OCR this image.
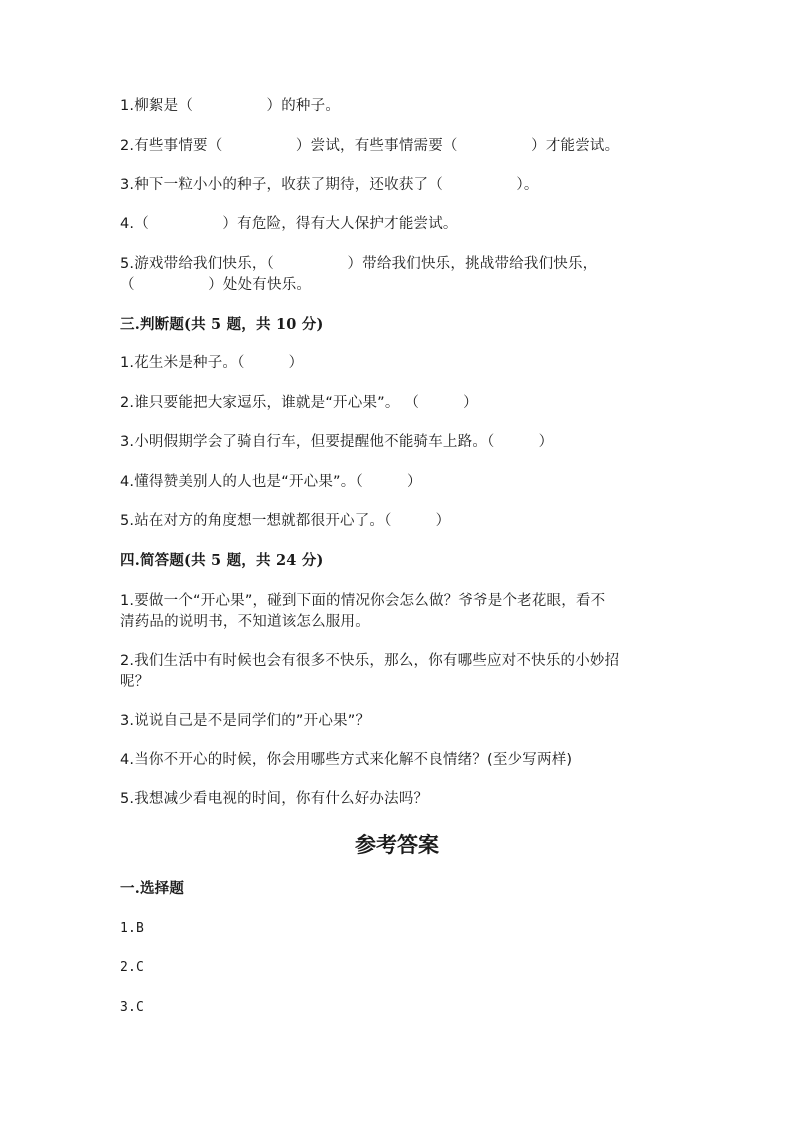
1.柳絮是（　　　　　）的种子。
2.有些事情要（　　　　　）尝试，有些事情需要（　　　　　）才能尝试。
3.种下一粒小小的种子，收获了期待，还收获了（　　　　　）。
4.（　　　　　）有危险，得有大人保护才能尝试。
5.游戏带给我们快乐，（　　　　　）带给我们快乐，挑战带给我们快乐，
（　　　　　）处处有快乐。
三.判断题(共 5 题，共 10 分)
1.花生米是种子。（　　　）
2.谁只要能把大家逗乐，谁就是“开心果”。 （　　　）
3.小明假期学会了骑自行车，但要提醒他不能骑车上路。（　　　）
4.懂得赞美别人的人也是“开心果”。（　　　）
5.站在对方的角度想一想就都很开心了。（　　　）
四.简答题(共 5 题，共 24 分)
1.要做一个“开心果”，碰到下面的情况你会怎么做？爷爷是个老花眼，看不
清药品的说明书，不知道该怎么服用。
2.我们生活中有时候也会有很多不快乐，那么，你有哪些应对不快乐的小妙招
呢？
3.说说自己是不是同学们的”开心果”？
4.当你不开心的时候，你会用哪些方式来化解不良情绪？(至少写两样)
5.我想减少看电视的时间，你有什么好办法吗？
参考答案
一.选择题
1.B
2.C
3.C
